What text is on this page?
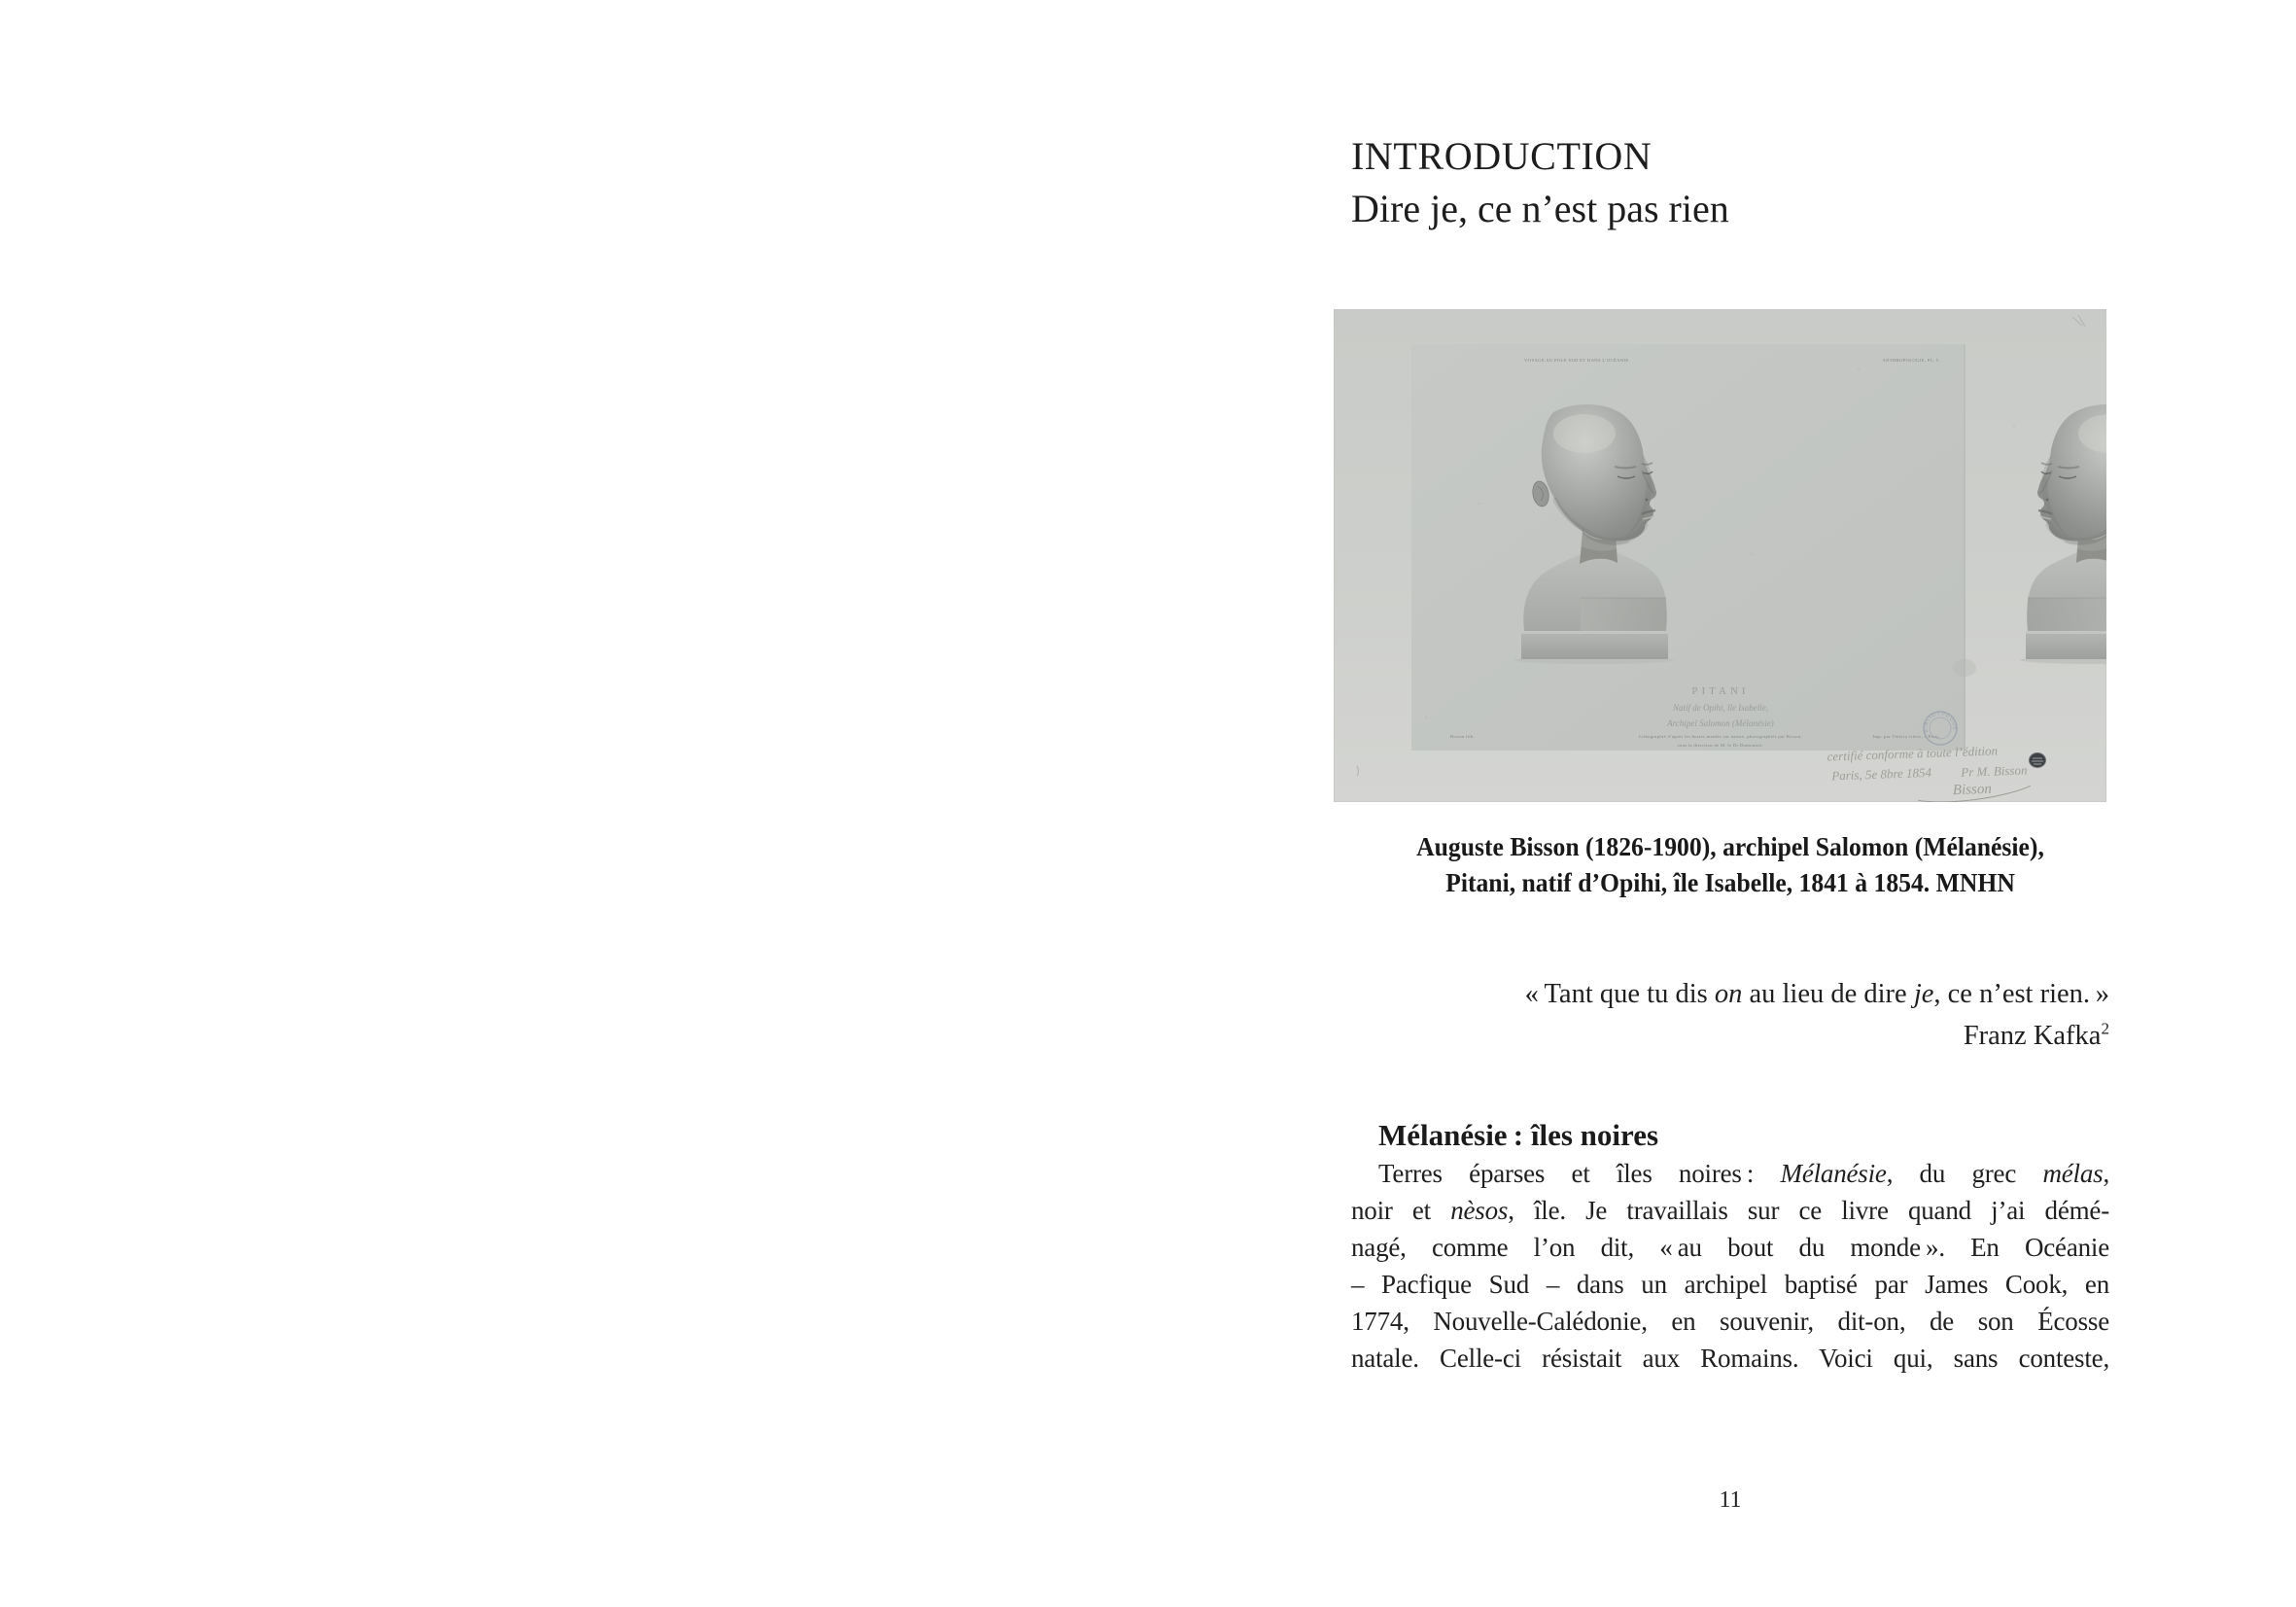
INTRODUCTION
Dire je, ce n’est pas rien
VOYAGE AU POLE SUD ET DANS L’OCÉANIE.	ANTHROPOLOGIE, PL. 5.
PITANI
Natif de Opihi, île Isabelle,
Archipel Salomon (Mélanésie)
Bisson lith.	Lithographié d’après les bustes moulés sur nature, photographiés par Bisson,
sous la direction de M. le Dr Dumoutier.
Imp. par Thierry frères, à Paris.
BIBLIOTHÈQUE
certifié conforme à toute l’édition
Paris, 5e 8bre 1854 Pr M. Bisson
Bisson
Auguste Bisson (1826-1900), archipel Salomon (Mélanésie),
Pitani, natif d’Opihi, île Isabelle, 1841 à 1854. MNHN
« Tant que tu dis on au lieu de dire je, ce n’est rien. »
Franz Kafka$^2$
Mélanésie : îles noires
Terres éparses et îles noires : Mélanésie, du grec mélas,
noir et nèsos, île. Je travaillais sur ce livre quand j’ai démé-
nagé, comme l’on dit, « au bout du monde ». En Océanie
– Pacfique Sud – dans un archipel baptisé par James Cook, en
1774, Nouvelle-Calédonie, en souvenir, dit-on, de son Écosse
natale. Celle-ci résistait aux Romains. Voici qui, sans conteste,
11
